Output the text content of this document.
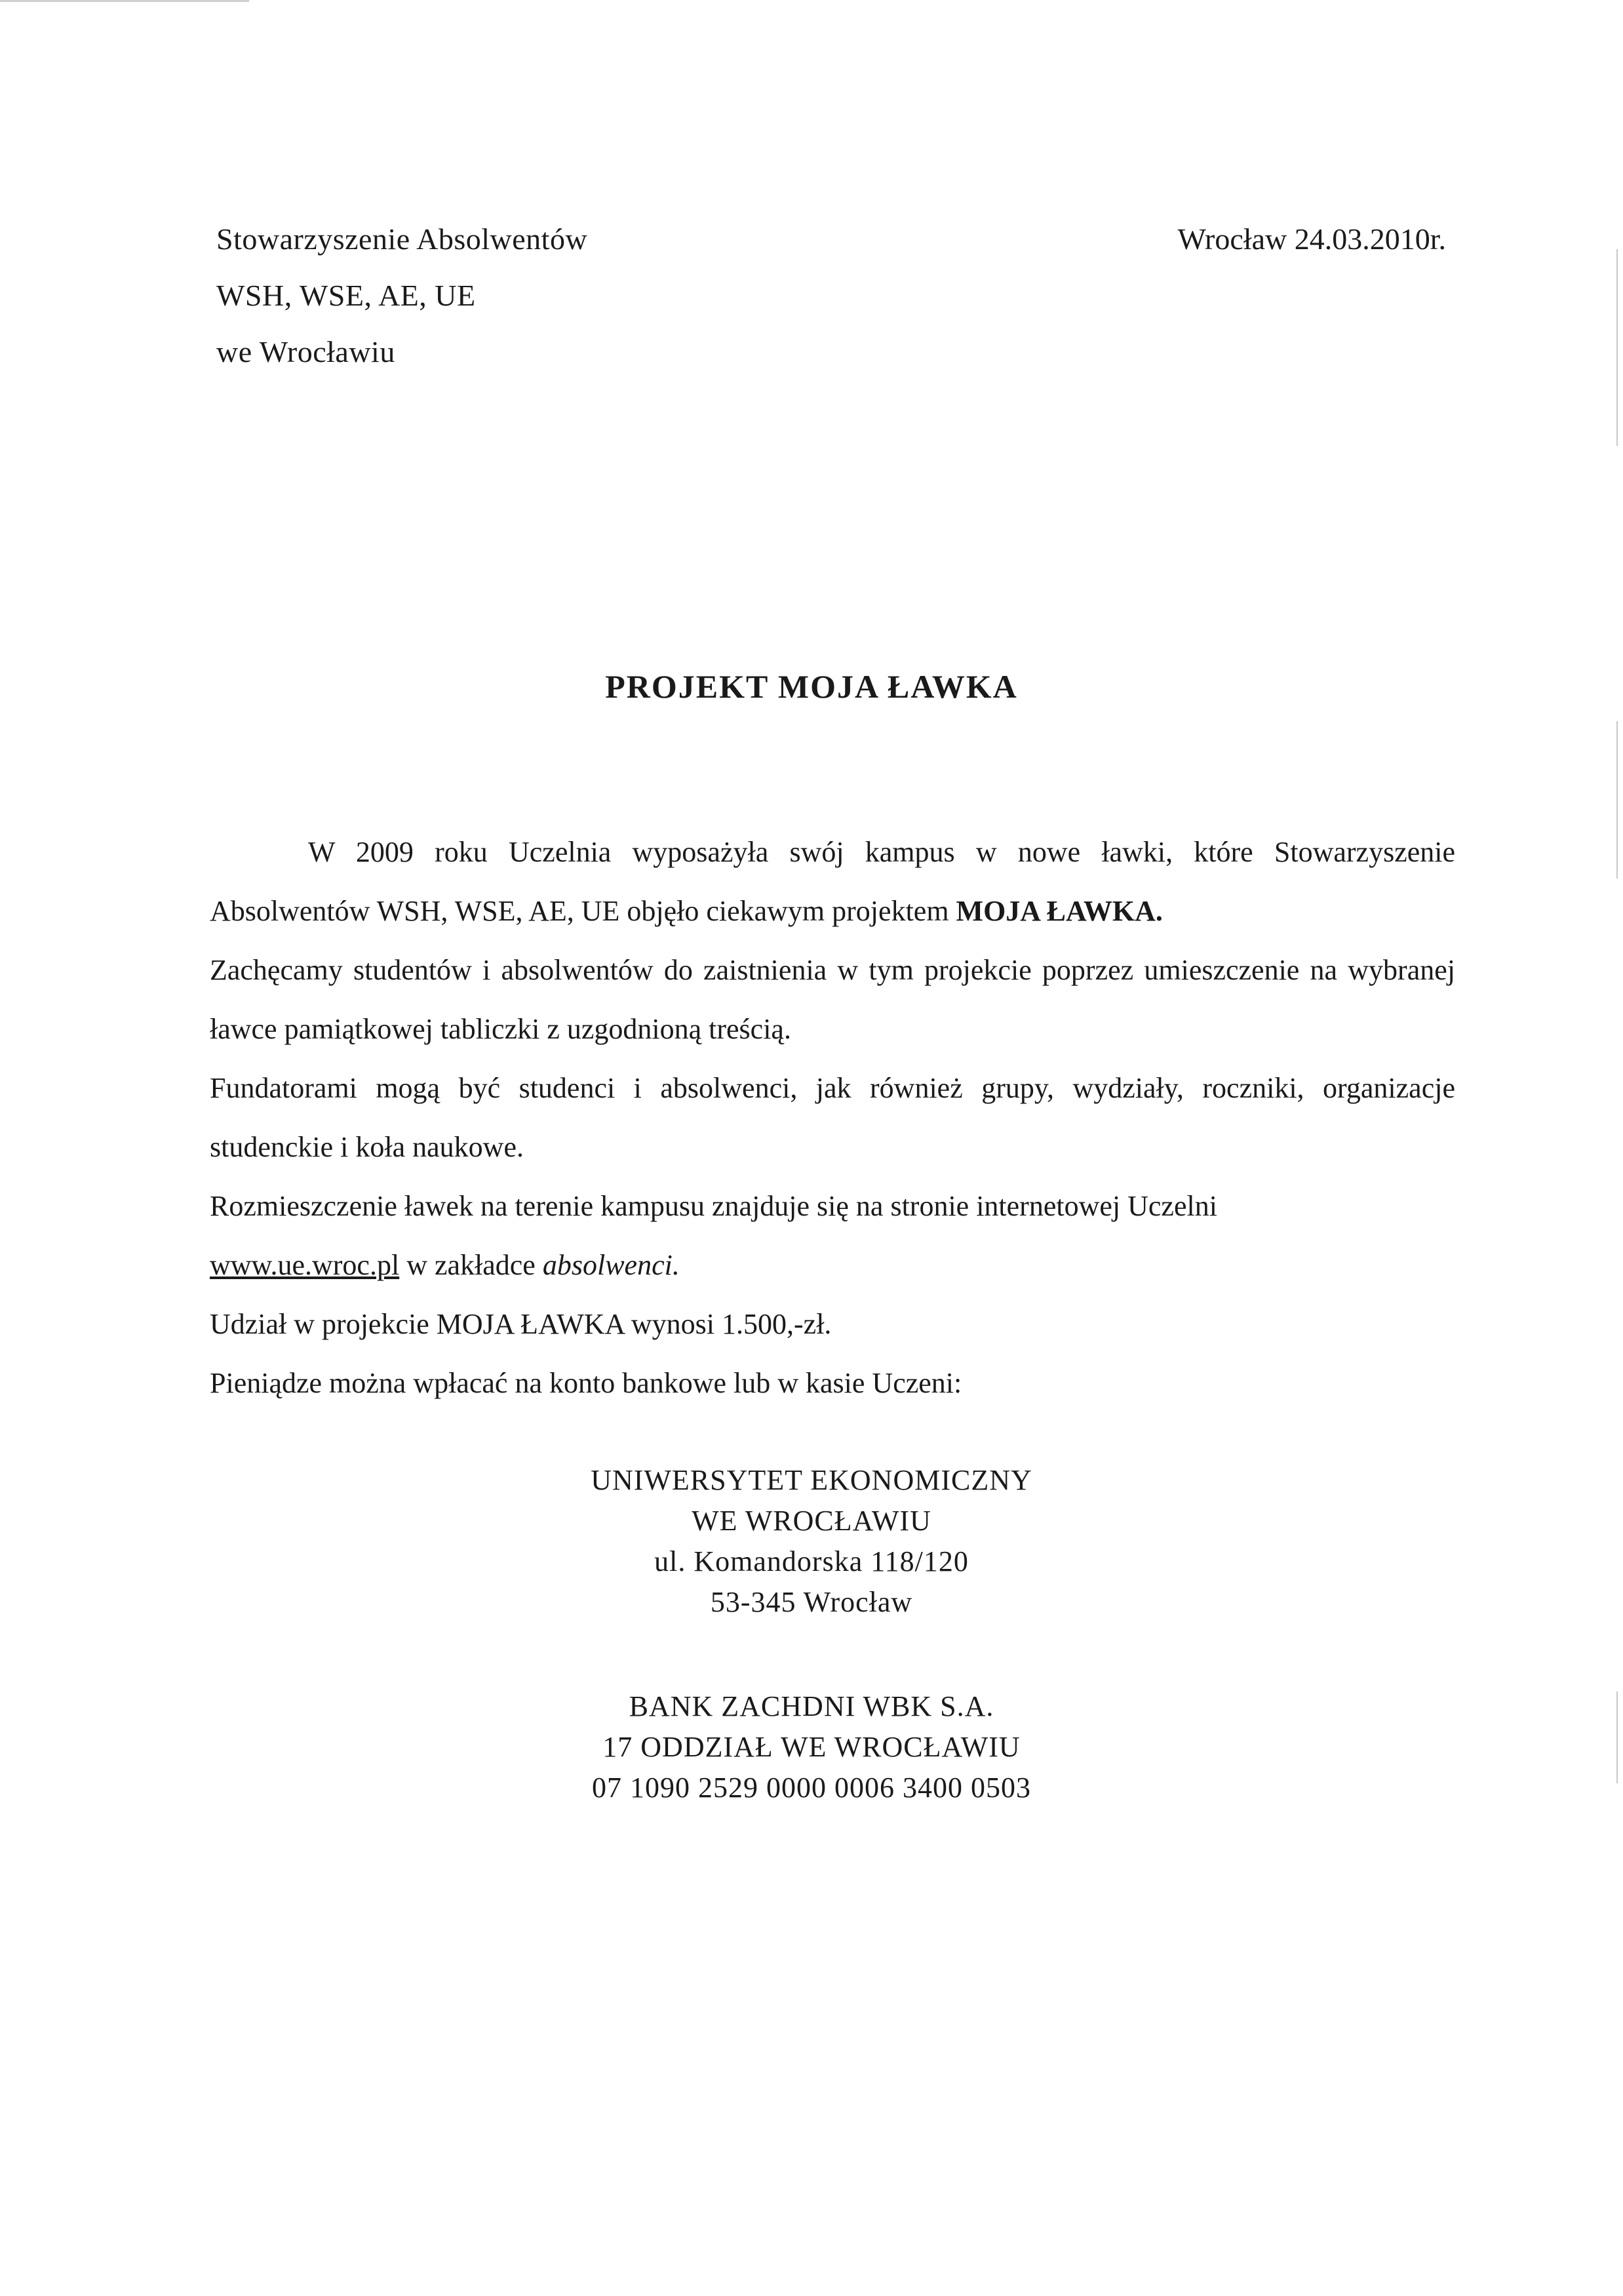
Stowarzyszenie Absolwentów
WSH, WSE, AE, UE
we Wrocławiu
Wrocław 24.03.2010r.
PROJEKT MOJA ŁAWKA

W 2009 roku Uczelnia wyposażyła swój kampus w nowe ławki, które Stowarzyszenie Absolwentów WSH, WSE, AE, UE objęło ciekawym projektem MOJA ŁAWKA.

Zachęcamy studentów i absolwentów do zaistnienia w tym projekcie poprzez umieszczenie na wybranej ławce pamiątkowej tabliczki z uzgodnioną treścią.

Fundatorami mogą być studenci i absolwenci, jak również grupy, wydziały, roczniki, organizacje studenckie i koła naukowe.

Rozmieszczenie ławek na terenie kampusu znajduje się na stronie internetowej Uczelni

www.ue.wroc.pl w zakładce absolwenci.

Udział w projekcie MOJA ŁAWKA wynosi 1.500,-zł.

Pieniądze można wpłacać na konto bankowe lub w kasie Uczeni:

UNIWERSYTET EKONOMICZNY
WE WROCŁAWIU
ul. Komandorska 118/120
53-345 Wrocław
BANK ZACHDNI WBK S.A.
17 ODDZIAŁ WE WROCŁAWIU
07 1090 2529 0000 0006 3400 0503
